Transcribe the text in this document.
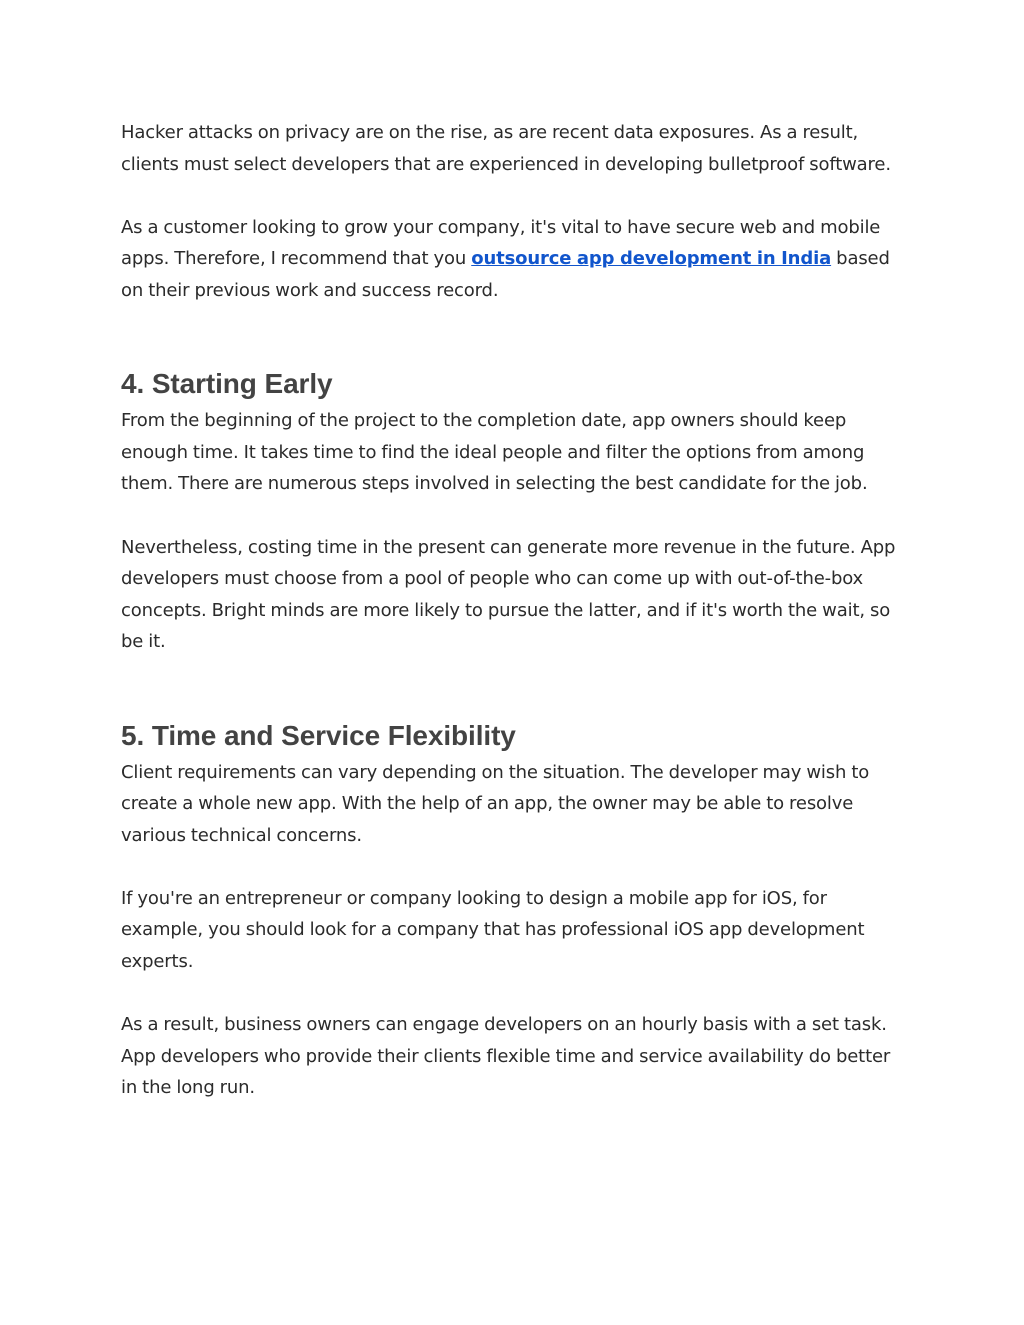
Hacker attacks on privacy are on the rise, as are recent data exposures. As a result, clients must select developers that are experienced in developing bulletproof software.

As a customer looking to grow your company, it's vital to have secure web and mobile apps. Therefore, I recommend that you outsource app development in India based on their previous work and success record.

4. Starting Early

From the beginning of the project to the completion date, app owners should keep enough time. It takes time to find the ideal people and filter the options from among them. There are numerous steps involved in selecting the best candidate for the job.

Nevertheless, costing time in the present can generate more revenue in the future. App developers must choose from a pool of people who can come up with out-of-the-box concepts. Bright minds are more likely to pursue the latter, and if it's worth the wait, so be it.

5. Time and Service Flexibility

Client requirements can vary depending on the situation. The developer may wish to create a whole new app. With the help of an app, the owner may be able to resolve various technical concerns.

If you're an entrepreneur or company looking to design a mobile app for iOS, for example, you should look for a company that has professional iOS app development experts.

As a result, business owners can engage developers on an hourly basis with a set task. App developers who provide their clients flexible time and service availability do better in the long run.
